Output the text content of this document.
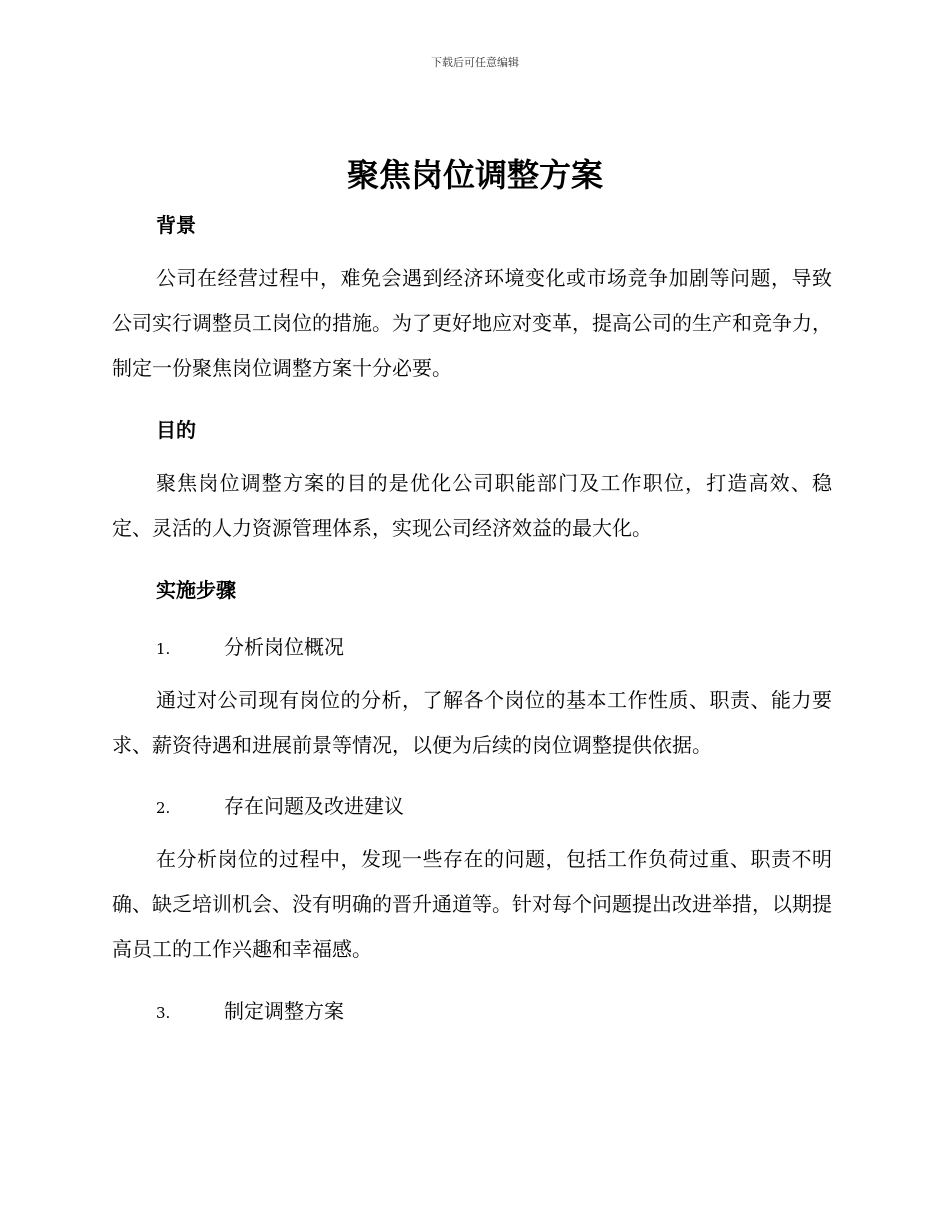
下载后可任意编辑
聚焦岗位调整方案
背景

公司在经营过程中，难免会遇到经济环境变化或市场竞争加剧等问题，导致公司实行调整员工岗位的措施。为了更好地应对变革，提高公司的生产和竞争力，制定一份聚焦岗位调整方案十分必要。

目的

聚焦岗位调整方案的目的是优化公司职能部门及工作职位，打造高效、稳定、灵活的人力资源管理体系，实现公司经济效益的最大化。

实施步骤
1.	分析岗位概况

通过对公司现有岗位的分析，了解各个岗位的基本工作性质、职责、能力要求、薪资待遇和进展前景等情况，以便为后续的岗位调整提供依据。

2.	存在问题及改进建议

在分析岗位的过程中，发现一些存在的问题，包括工作负荷过重、职责不明确、缺乏培训机会、没有明确的晋升通道等。针对每个问题提出改进举措，以期提高员工的工作兴趣和幸福感。

3.	制定调整方案
